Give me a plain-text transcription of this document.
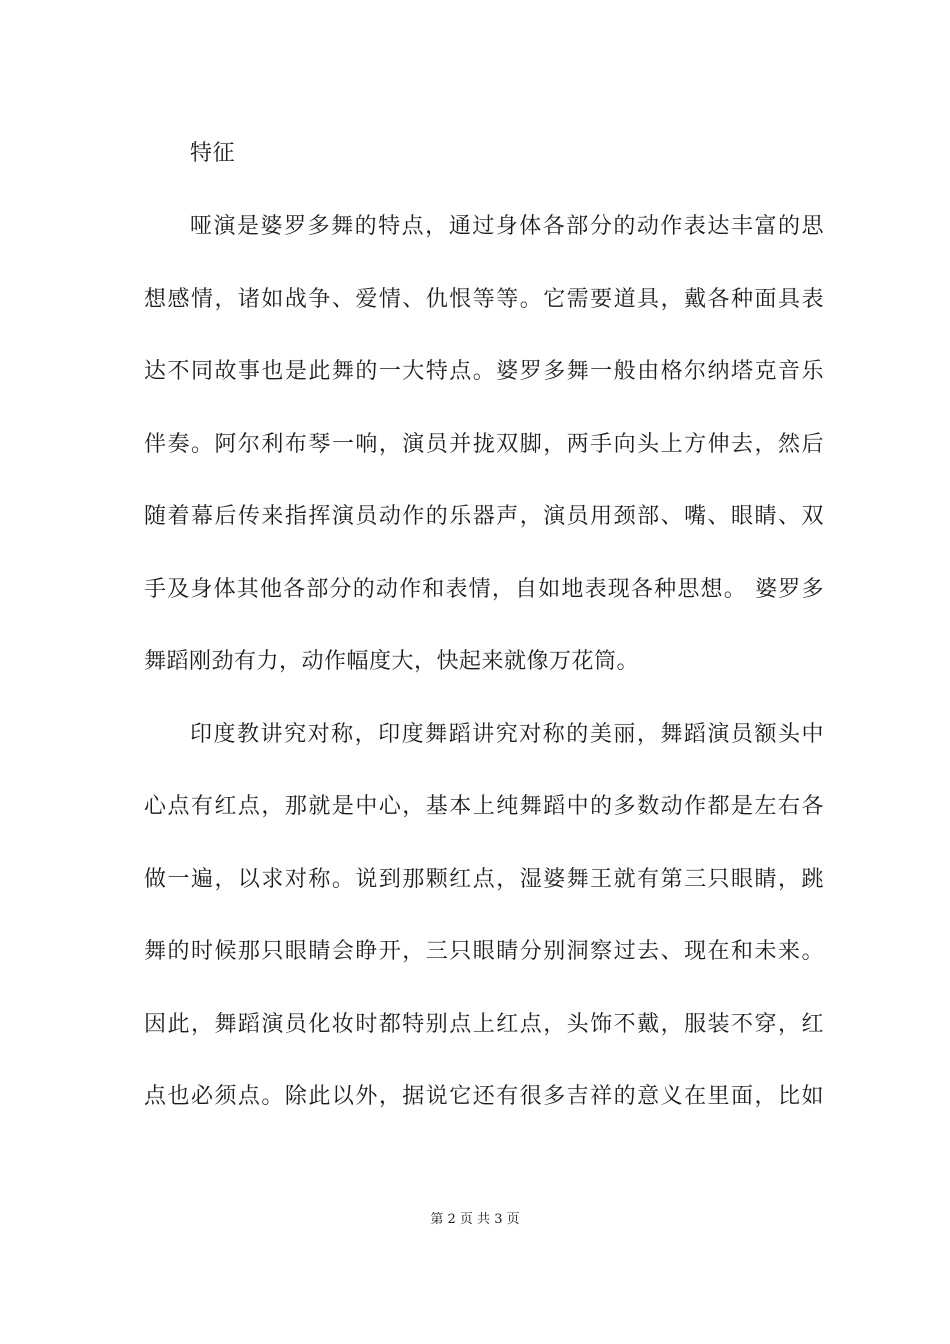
特征
哑演是婆罗多舞的特点，通过身体各部分的动作表达丰富的思
想感情，诸如战争、爱情、仇恨等等。它需要道具，戴各种面具表
达不同故事也是此舞的一大特点。婆罗多舞一般由格尔纳塔克音乐
伴奏。阿尔利布琴一响，演员并拢双脚，两手向头上方伸去，然后
随着幕后传来指挥演员动作的乐器声，演员用颈部、嘴、眼睛、双
手及身体其他各部分的动作和表情，自如地表现各种思想。 婆罗多
舞蹈刚劲有力，动作幅度大，快起来就像万花筒。
印度教讲究对称，印度舞蹈讲究对称的美丽，舞蹈演员额头中
心点有红点，那就是中心，基本上纯舞蹈中的多数动作都是左右各
做一遍，以求对称。说到那颗红点，湿婆舞王就有第三只眼睛，跳
舞的时候那只眼睛会睁开，三只眼睛分别洞察过去、现在和未来。
因此，舞蹈演员化妆时都特别点上红点，头饰不戴，服装不穿，红
点也必须点。除此以外，据说它还有很多吉祥的意义在里面，比如
第 2 页 共 3 页
